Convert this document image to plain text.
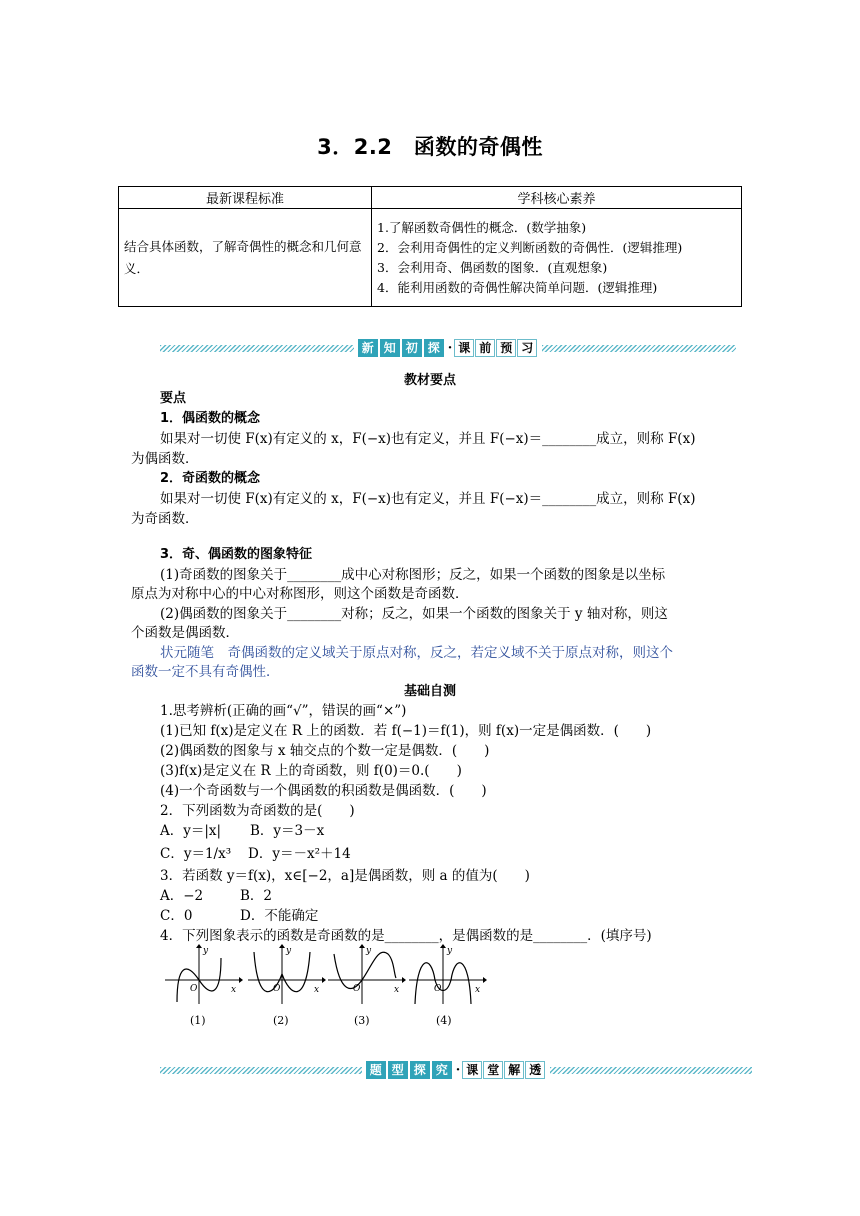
3．2.2　函数的奇偶性
最新课程标准	学科核心素养
结合具体函数，了解奇偶性的概念和几何意义．	1.了解函数奇偶性的概念．(数学抽象)
2．会利用奇偶性的定义判断函数的奇偶性．(逻辑推理)
3．会利用奇、偶函数的图象．(直观想象)
4．能利用函数的奇偶性解决简单问题．(逻辑推理)
新 知 初 探 · 课 前 预 习
教材要点
要点
1．偶函数的概念
如果对一切使 F(x)有定义的 x，F(−x)也有定义，并且 F(−x)＝________成立，则称 F(x)
为偶函数．
2．奇函数的概念
如果对一切使 F(x)有定义的 x，F(−x)也有定义，并且 F(−x)＝________成立，则称 F(x)
为奇函数．
3．奇、偶函数的图象特征
(1)奇函数的图象关于________成中心对称图形；反之，如果一个函数的图象是以坐标
原点为对称中心的中心对称图形，则这个函数是奇函数．
(2)偶函数的图象关于________对称；反之，如果一个函数的图象关于 y 轴对称，则这
个函数是偶函数．
状元随笔　奇偶函数的定义域关于原点对称，反之，若定义域不关于原点对称，则这个
函数一定不具有奇偶性．
基础自测
1.思考辨析(正确的画“√”，错误的画“×”)
(1)已知 f(x)是定义在 R 上的函数．若 f(−1)＝f(1)，则 f(x)一定是偶函数．(　　)
(2)偶函数的图象与 x 轴交点的个数一定是偶数．(　　)
(3)f(x)是定义在 R 上的奇函数，则 f(0)＝0.(　　)
(4)一个奇函数与一个偶函数的积函数是偶函数．(　　)
2．下列函数为奇函数的是(　　)
A．y＝|x| B．y＝3－x
C．y＝1/x³ D．y＝－x²＋14
3．若函数 y＝f(x)，x∈[−2，a]是偶函数，则 a 的值为(　　)
A．−2	B．2
C．0	D．不能确定
4．下列图象表示的函数是奇函数的是________，是偶函数的是________．(填序号)
y
x
O
y
x
O
y
x
O
y
x
O
(1)	(2)	(3)	(4)
题 型 探 究 · 课 堂 解 透
